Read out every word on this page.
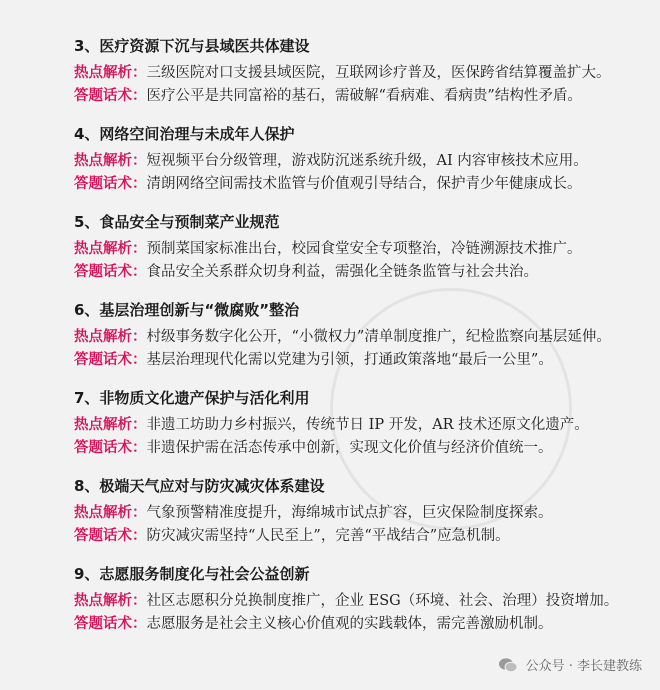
3、医疗资源下沉与县域医共体建设
热点解析： 三级医院对口支援县域医院，互联网诊疗普及，医保跨省结算覆盖扩大。
答题话术： 医疗公平是共同富裕的基石，需破解“看病难、看病贵”结构性矛盾。
4、网络空间治理与未成年人保护
热点解析： 短视频平台分级管理，游戏防沉迷系统升级，AI 内容审核技术应用。
答题话术： 清朗网络空间需技术监管与价值观引导结合，保护青少年健康成长。
5、食品安全与预制菜产业规范
热点解析： 预制菜国家标准出台，校园食堂安全专项整治，冷链溯源技术推广。
答题话术： 食品安全关系群众切身利益，需强化全链条监管与社会共治。
6、基层治理创新与“微腐败”整治
热点解析： 村级事务数字化公开，“小微权力”清单制度推广，纪检监察向基层延伸。
答题话术： 基层治理现代化需以党建为引领，打通政策落地“最后一公里”。
7、非物质文化遗产保护与活化利用
热点解析： 非遗工坊助力乡村振兴，传统节日 IP 开发，AR 技术还原文化遗产。
答题话术： 非遗保护需在活态传承中创新，实现文化价值与经济价值统一。
8、极端天气应对与防灾减灾体系建设
热点解析： 气象预警精准度提升，海绵城市试点扩容，巨灾保险制度探索。
答题话术： 防灾减灾需坚持“人民至上”，完善“平战结合”应急机制。
9、志愿服务制度化与社会公益创新
热点解析： 社区志愿积分兑换制度推广，企业 ESG（环境、社会、治理）投资增加。
答题话术： 志愿服务是社会主义核心价值观的实践载体，需完善激励机制。
公众号 · 李长建教练
